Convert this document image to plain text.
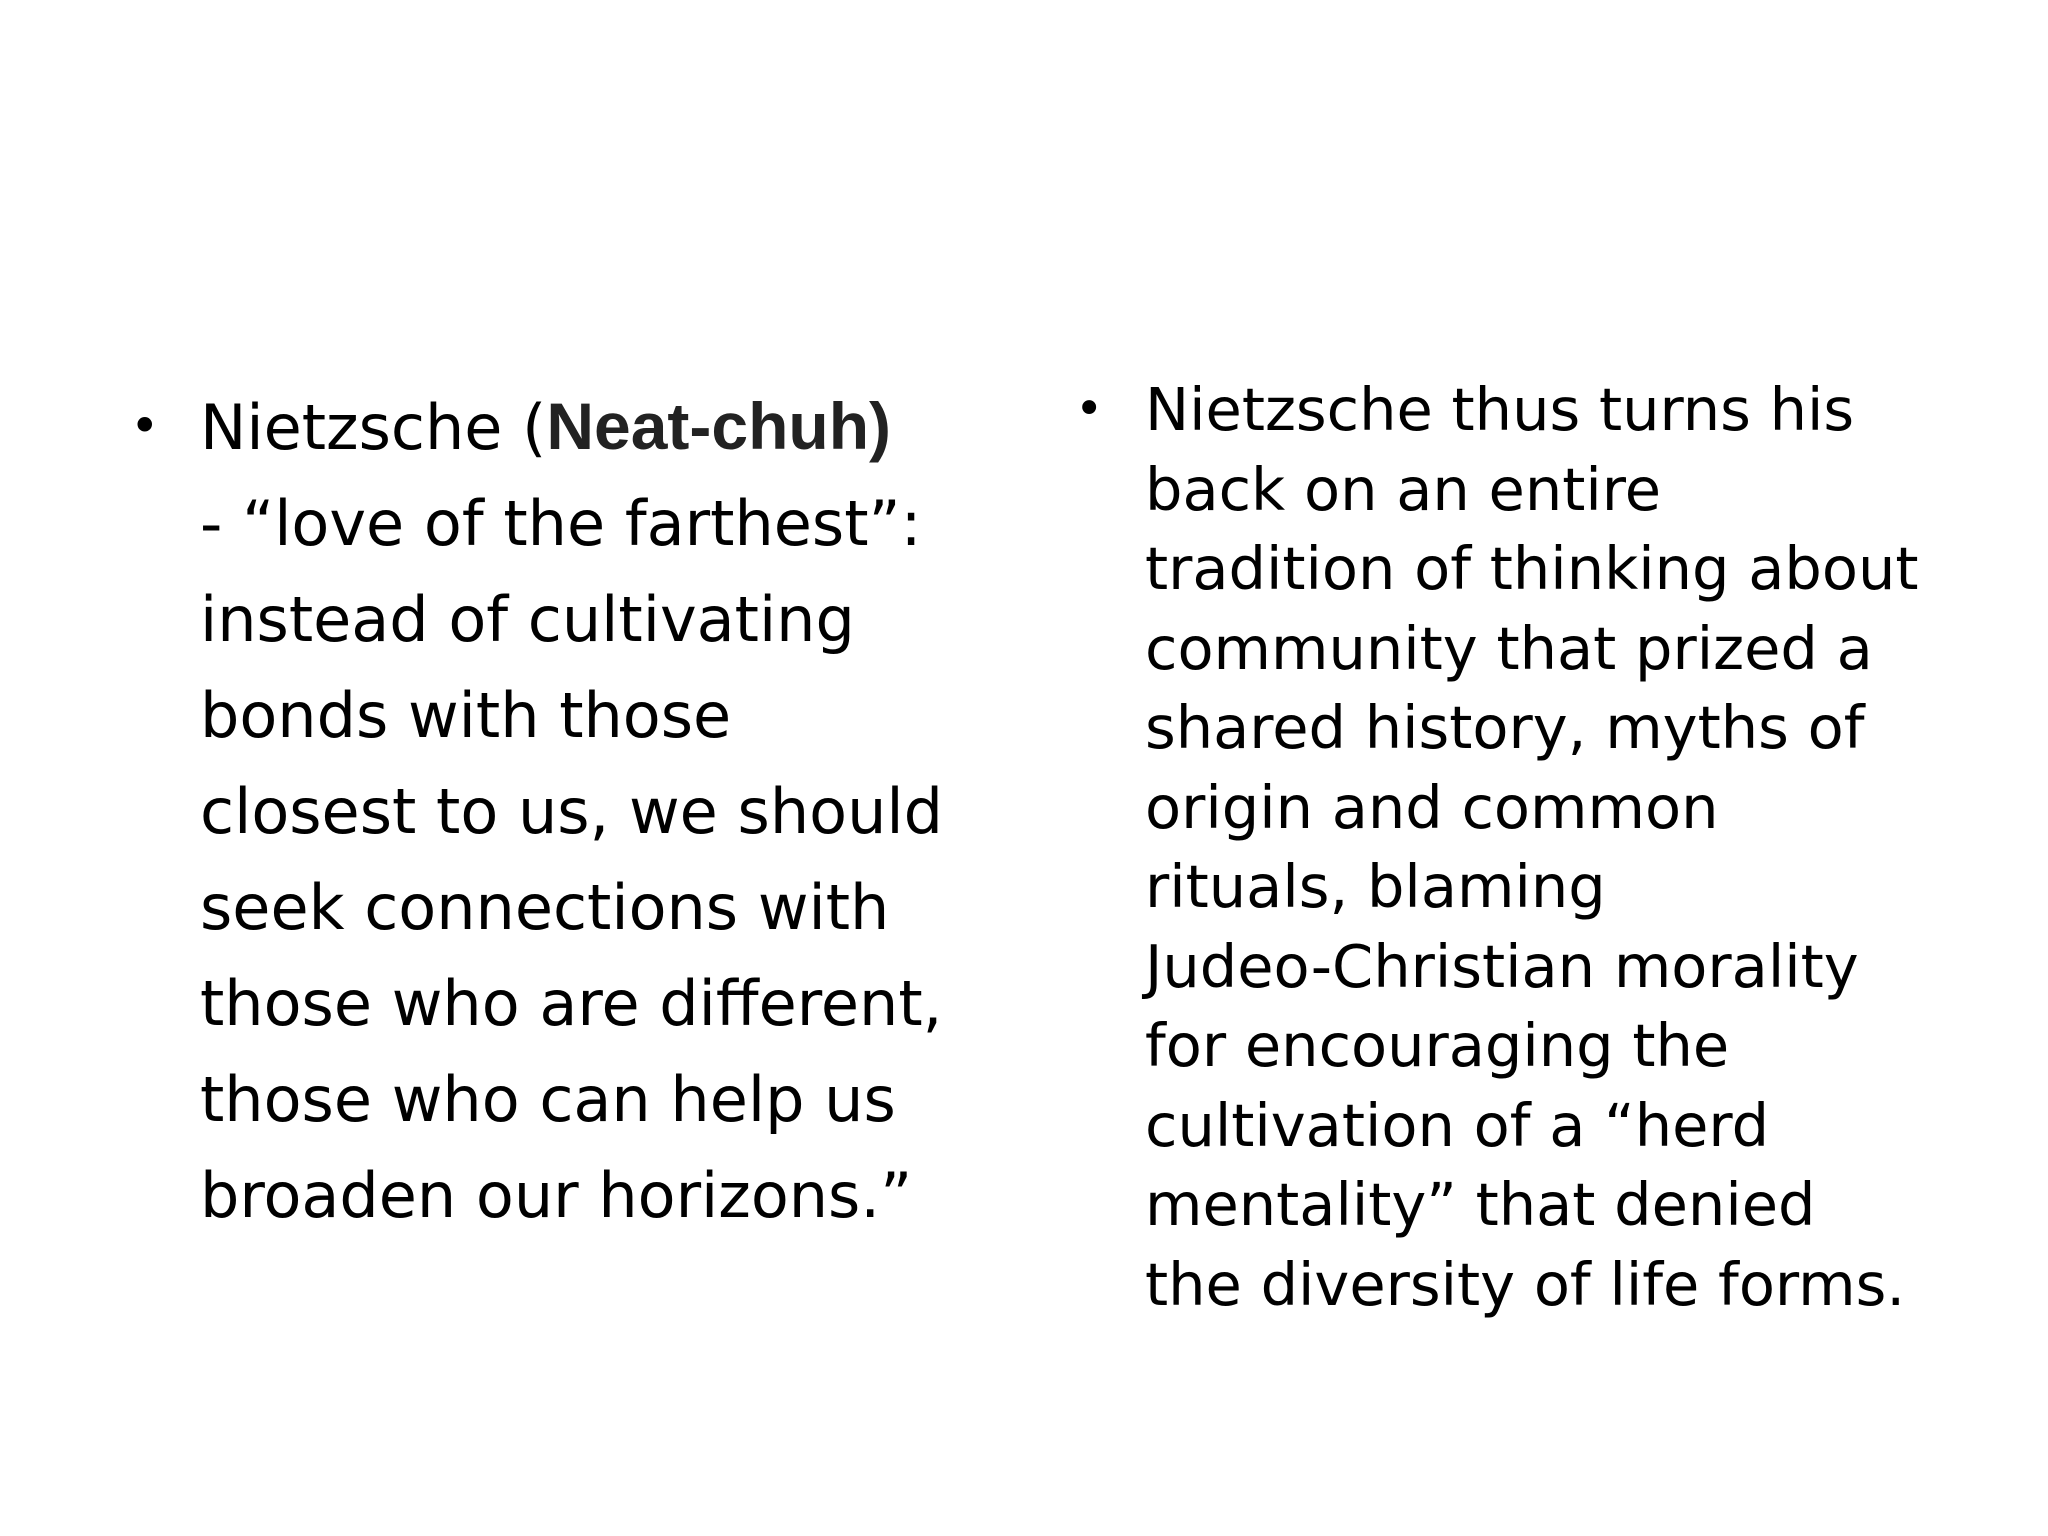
• Nietzsche (Neat-chuh)
- “love of the farthest”:
instead of cultivating
bonds with those
closest to us, we should
seek connections with
those who are different,
those who can help us
broaden our horizons.”
• Nietzsche thus turns his
back on an entire
tradition of thinking about
community that prized a
shared history, myths of
origin and common
rituals, blaming
Judeo-Christian morality
for encouraging the
cultivation of a “herd
mentality” that denied
the diversity of life forms.
